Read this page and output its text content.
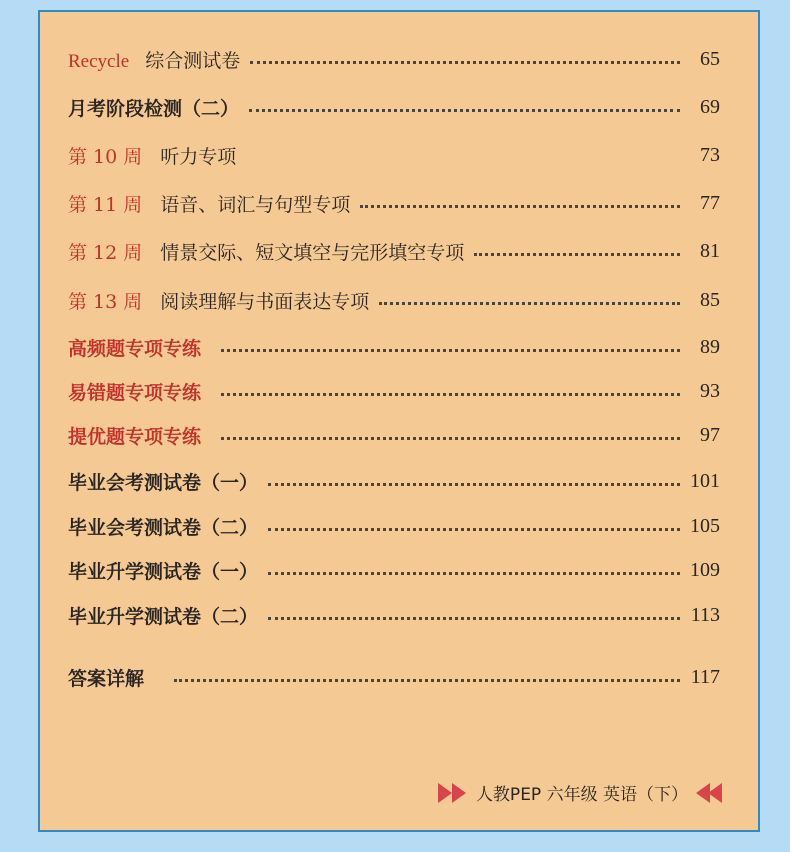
Recycle 综合测试卷	65
月考阶段检测（二）	69
第 10 周 听力专项	73
第 11 周 语音、词汇与句型专项	77
第 12 周 情景交际、短文填空与完形填空专项	81
第 13 周 阅读理解与书面表达专项	85
高频题专项专练	89
易错题专项专练	93
提优题专项专练	97
毕业会考测试卷（一）	101
毕业会考测试卷（二）	105
毕业升学测试卷（一）	109
毕业升学测试卷（二）	113
答案详解	117
人教PEP 六年级 英语（下）
